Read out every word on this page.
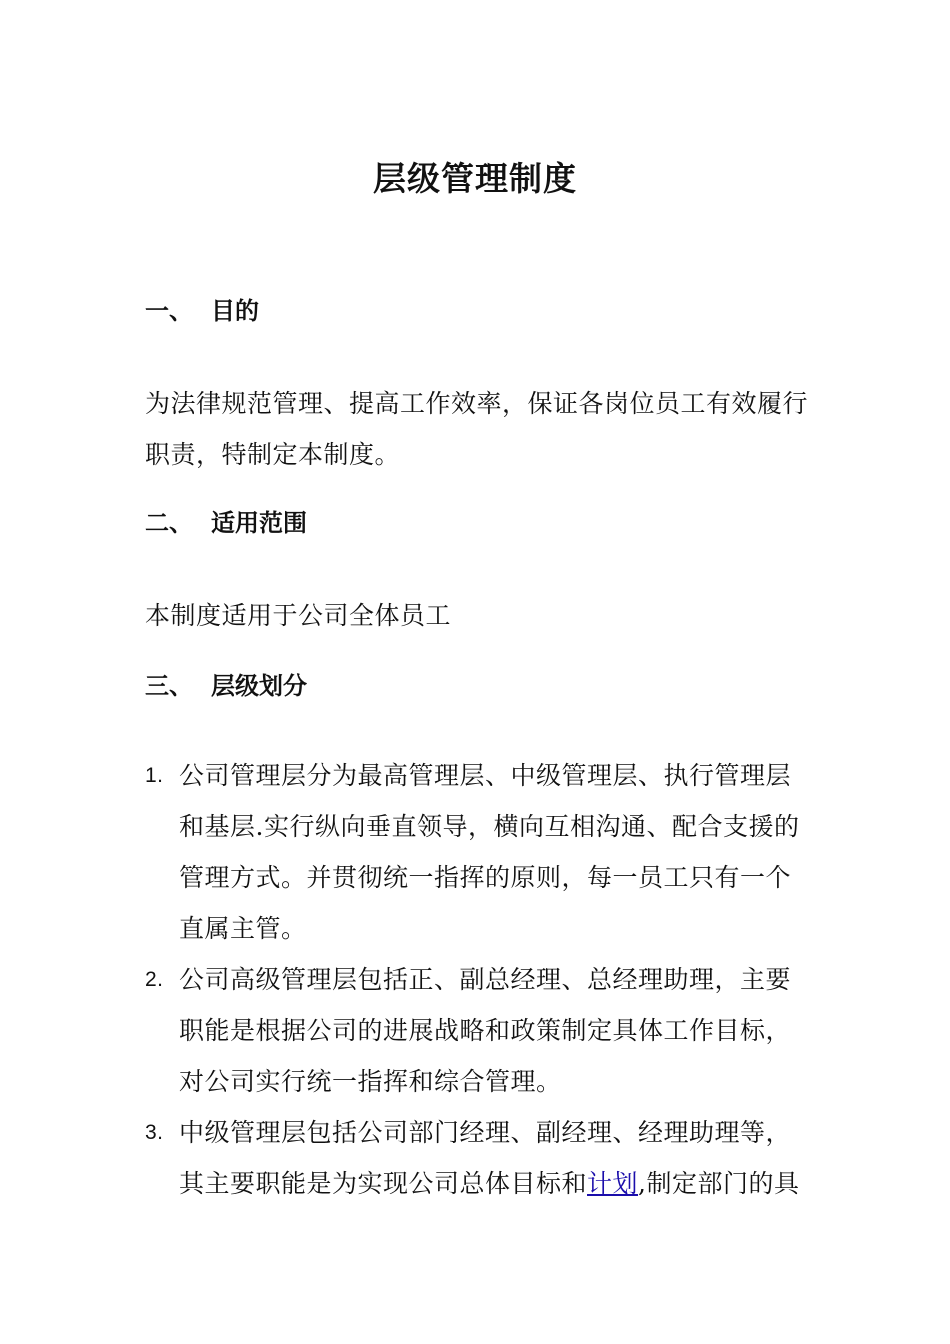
层级管理制度
一、 目的
为法律规范管理、提高工作效率，保证各岗位员工有效履行职责，特制定本制度。
二、 适用范围
本制度适用于公司全体员工
三、 层级划分
1. 公司管理层分为最高管理层、中级管理层、执行管理层和基层.实行纵向垂直领导，横向互相沟通、配合支援的管理方式。并贯彻统一指挥的原则，每一员工只有一个直属主管。
2. 公司高级管理层包括正、副总经理、总经理助理，主要职能是根据公司的进展战略和政策制定具体工作目标，对公司实行统一指挥和综合管理。
3. 中级管理层包括公司部门经理、副经理、经理助理等，其主要职能是为实现公司总体目标和计划,制定部门的具
